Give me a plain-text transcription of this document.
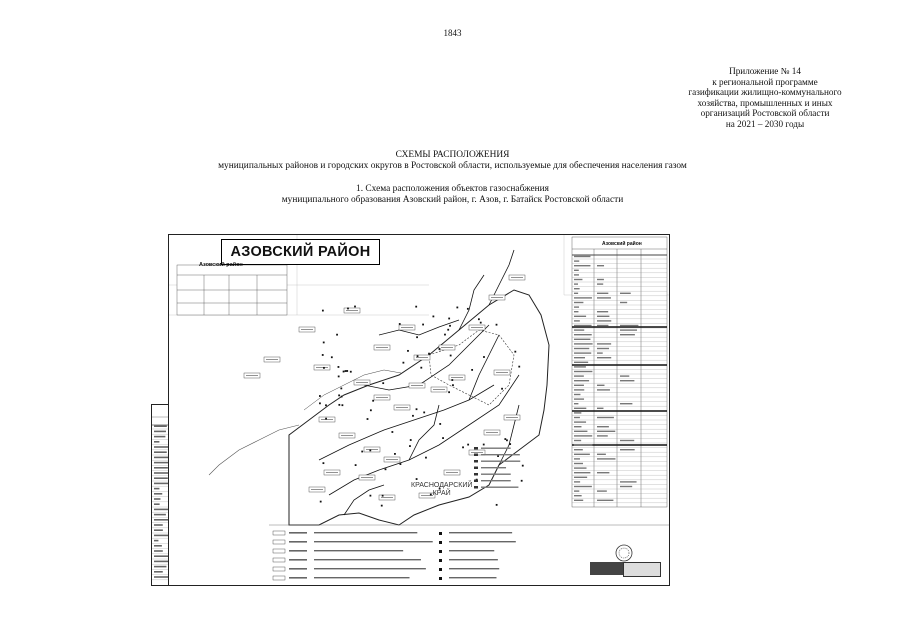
1843
Приложение № 14
к региональной программе
газификации жилищно-коммунального
хозяйства, промышленных и иных
организаций Ростовской области
на 2021 – 2030 годы
СХЕМЫ РАСПОЛОЖЕНИЯ
муниципальных районов и городских округов в Ростовской области, используемые для обеспечения населения газом
1. Схема расположения объектов газоснабжения
муниципального образования Азовский район, г. Азов, г. Батайск Ростовской области
АЗОВСКИЙ РАЙОН
Азовский район
Азовский район
КРАСНОДАРСКИЙ
КРАЙ
